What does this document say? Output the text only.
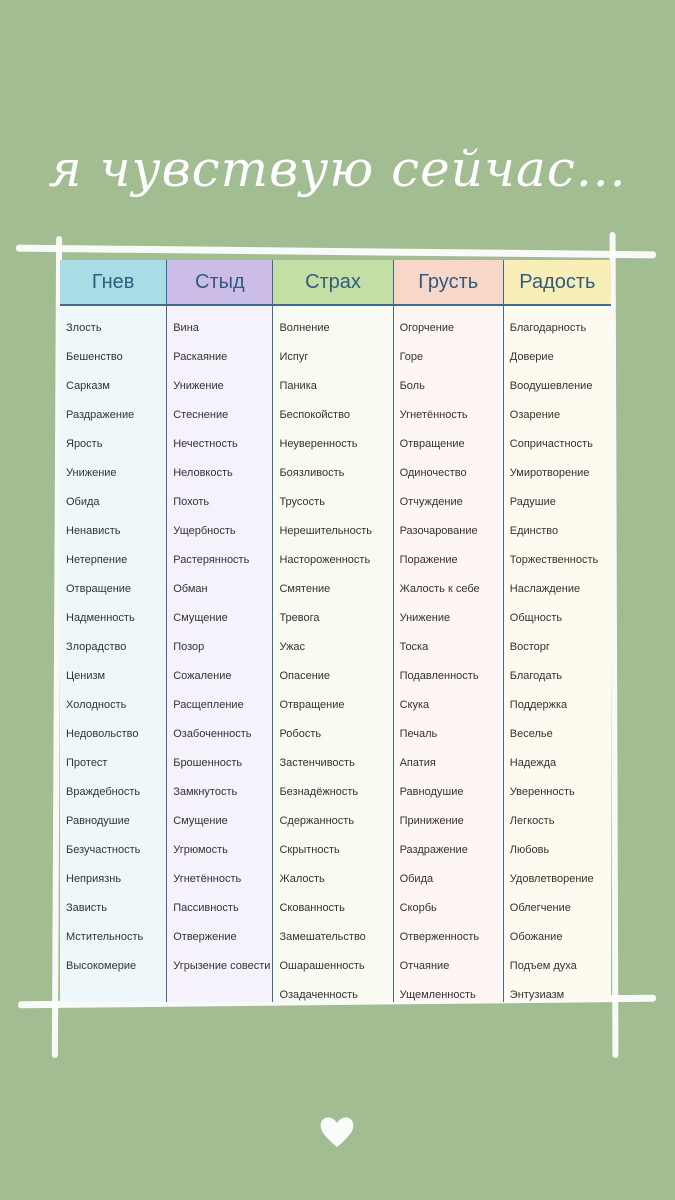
я чувствую сейчас...
Гнев
Злость
Бешенство
Сарказм
Раздражение
Ярость
Унижение
Обида
Ненависть
Нетерпение
Отвращение
Надменность
Злорадство
Ценизм
Холодность
Недовольство
Протест
Враждебность
Равнодушие
Безучастность
Неприязнь
Зависть
Мстительность
Высокомерие
Стыд
Вина
Раскаяние
Унижение
Стеснение
Нечестность
Неловкость
Похоть
Ущербность
Растерянность
Обман
Смущение
Позор
Сожаление
Расщепление
Озабоченность
Брошенность
Замкнутость
Смущение
Угрюмость
Угнетённость
Пассивность
Отвержение
Угрызение совести
Страх
Волнение
Испуг
Паника
Беспокойство
Неуверенность
Боязливость
Трусость
Нерешительность
Настороженность
Смятение
Тревога
Ужас
Опасение
Отвращение
Робость
Застенчивость
Безнадёжность
Сдержанность
Скрытность
Жалость
Скованность
Замешательство
Ошарашенность
Озадаченность
Грусть
Огорчение
Горе
Боль
Угнетённость
Отвращение
Одиночество
Отчуждение
Разочарование
Поражение
Жалость к себе
Унижение
Тоска
Подавленность
Скука
Печаль
Апатия
Равнодушие
Принижение
Раздражение
Обида
Скорбь
Отверженность
Отчаяние
Ущемленность
Радость
Благодарность
Доверие
Воодушевление
Озарение
Сопричастность
Умиротворение
Радушие
Единство
Торжественность
Наслаждение
Общность
Восторг
Благодать
Поддержка
Веселье
Надежда
Уверенность
Легкость
Любовь
Удовлетворение
Облегчение
Обожание
Подъем духа
Энтузиазм
